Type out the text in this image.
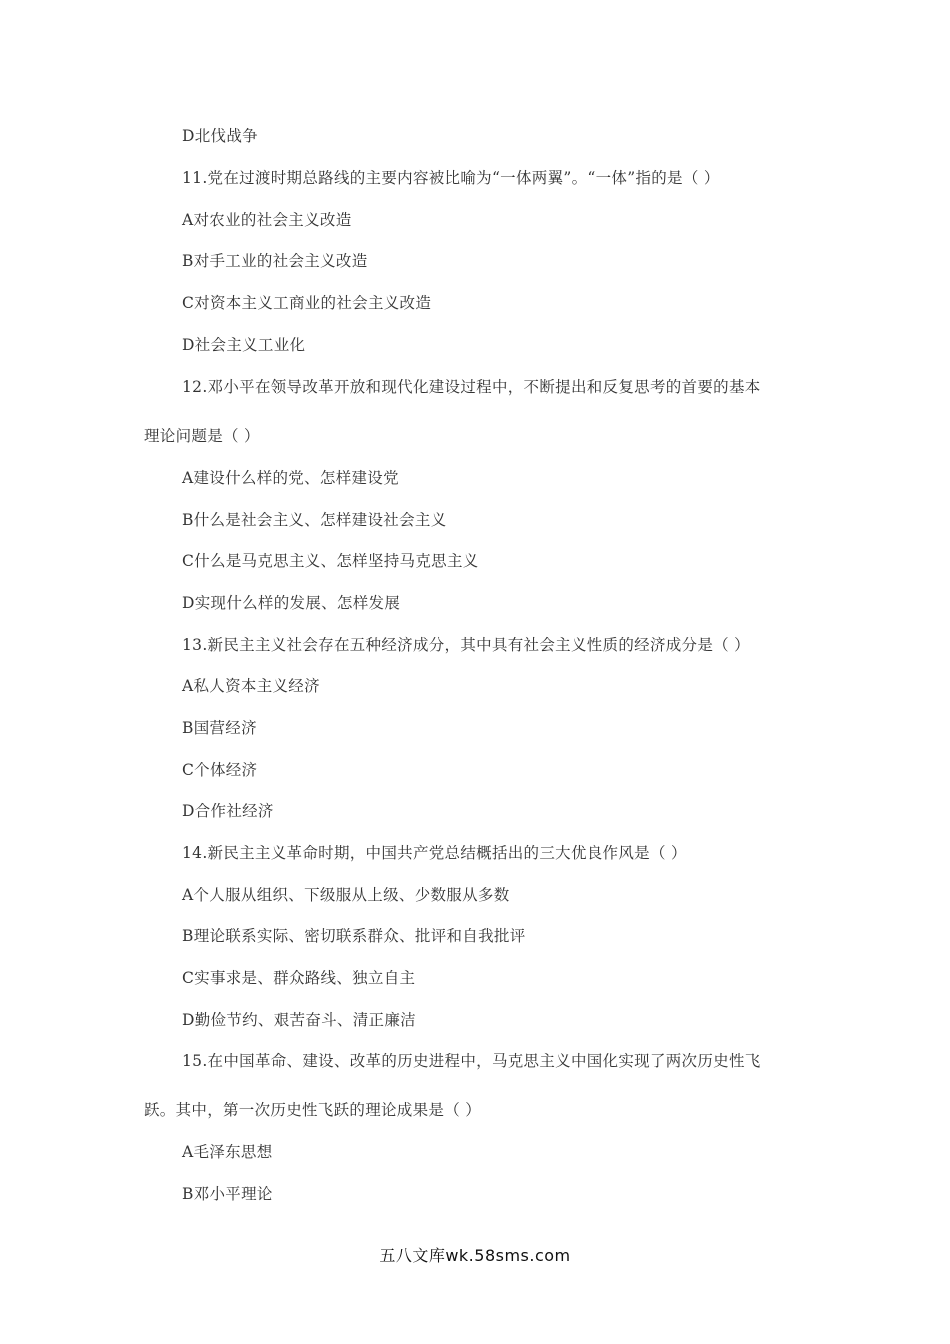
D北伐战争
11.党在过渡时期总路线的主要内容被比喻为“一体两翼”。“一体”指的是（ ）
A对农业的社会主义改造
B对手工业的社会主义改造
C对资本主义工商业的社会主义改造
D社会主义工业化
12.邓小平在领导改革开放和现代化建设过程中，不断提出和反复思考的首要的基本
理论问题是（ ）
A建设什么样的党、怎样建设党
B什么是社会主义、怎样建设社会主义
C什么是马克思主义、怎样坚持马克思主义
D实现什么样的发展、怎样发展
13.新民主主义社会存在五种经济成分，其中具有社会主义性质的经济成分是（ ）
A私人资本主义经济
B国营经济
C个体经济
D合作社经济
14.新民主主义革命时期，中国共产党总结概括出的三大优良作风是（ ）
A个人服从组织、下级服从上级、少数服从多数
B理论联系实际、密切联系群众、批评和自我批评
C实事求是、群众路线、独立自主
D勤俭节约、艰苦奋斗、清正廉洁
15.在中国革命、建设、改革的历史进程中，马克思主义中国化实现了两次历史性飞
跃。其中，第一次历史性飞跃的理论成果是（ ）
A毛泽东思想
B邓小平理论
五八文库wk.58sms.com
